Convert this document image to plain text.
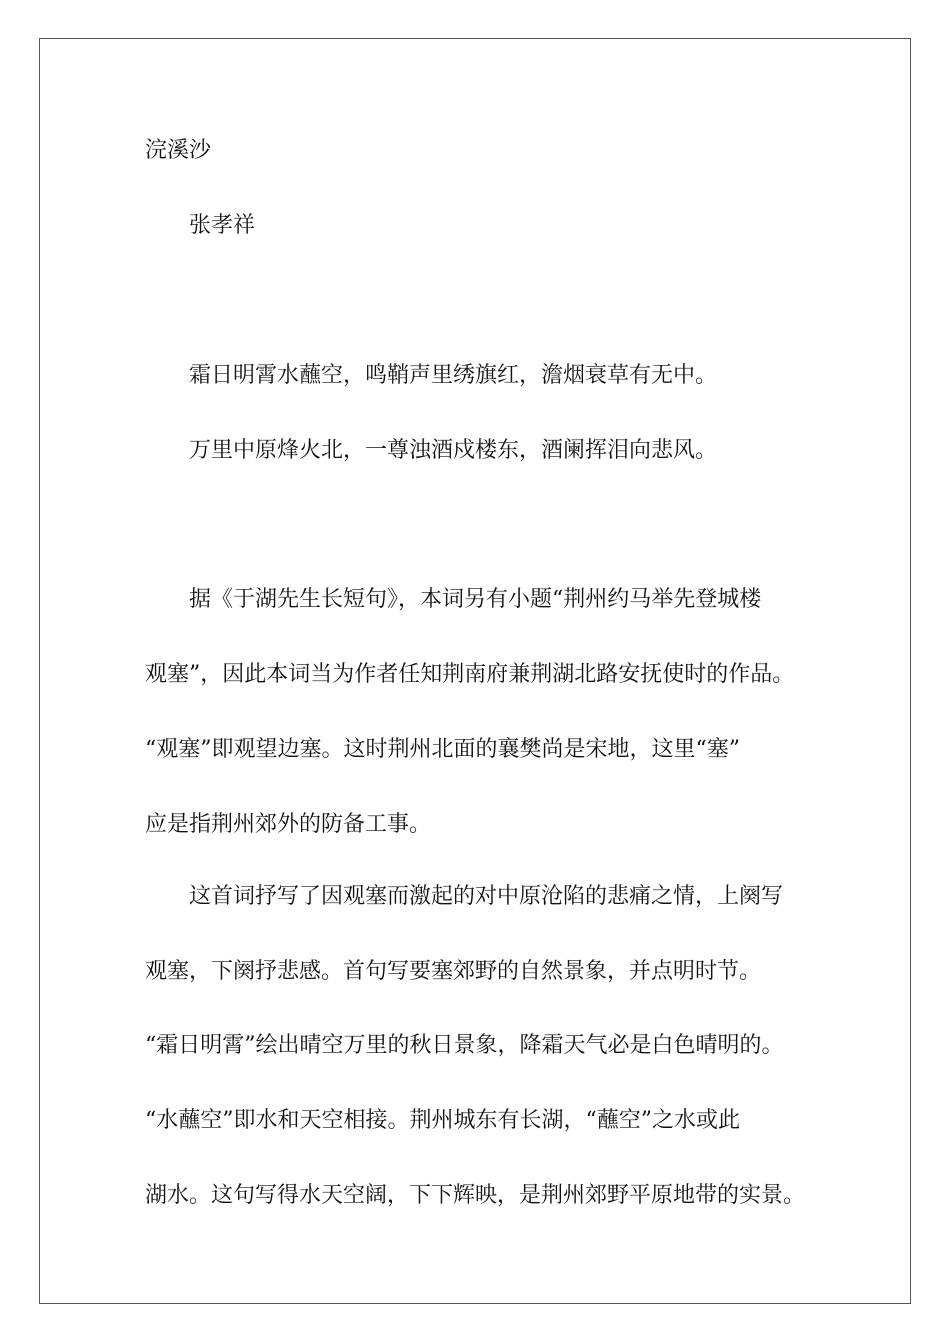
浣溪沙
张孝祥
霜日明霄水蘸空，鸣鞘声里绣旗红，澹烟衰草有无中。
万里中原烽火北，一尊浊酒戍楼东，酒阑挥泪向悲风。
据《于湖先生长短句》，本词另有小题“荆州约马举先登城楼
观塞”，因此本词当为作者任知荆南府兼荆湖北路安抚使时的作品。
“观塞”即观望边塞。这时荆州北面的襄樊尚是宋地，这里“塞”
应是指荆州郊外的防备工事。
这首词抒写了因观塞而激起的对中原沧陷的悲痛之情，上阕写
观塞，下阕抒悲感。首句写要塞郊野的自然景象，并点明时节。
“霜日明霄”绘出晴空万里的秋日景象，降霜天气必是白色晴明的。
“水蘸空”即水和天空相接。荆州城东有长湖，“蘸空”之水或此
湖水。这句写得水天空阔，下下辉映，是荆州郊野平原地带的实景。
